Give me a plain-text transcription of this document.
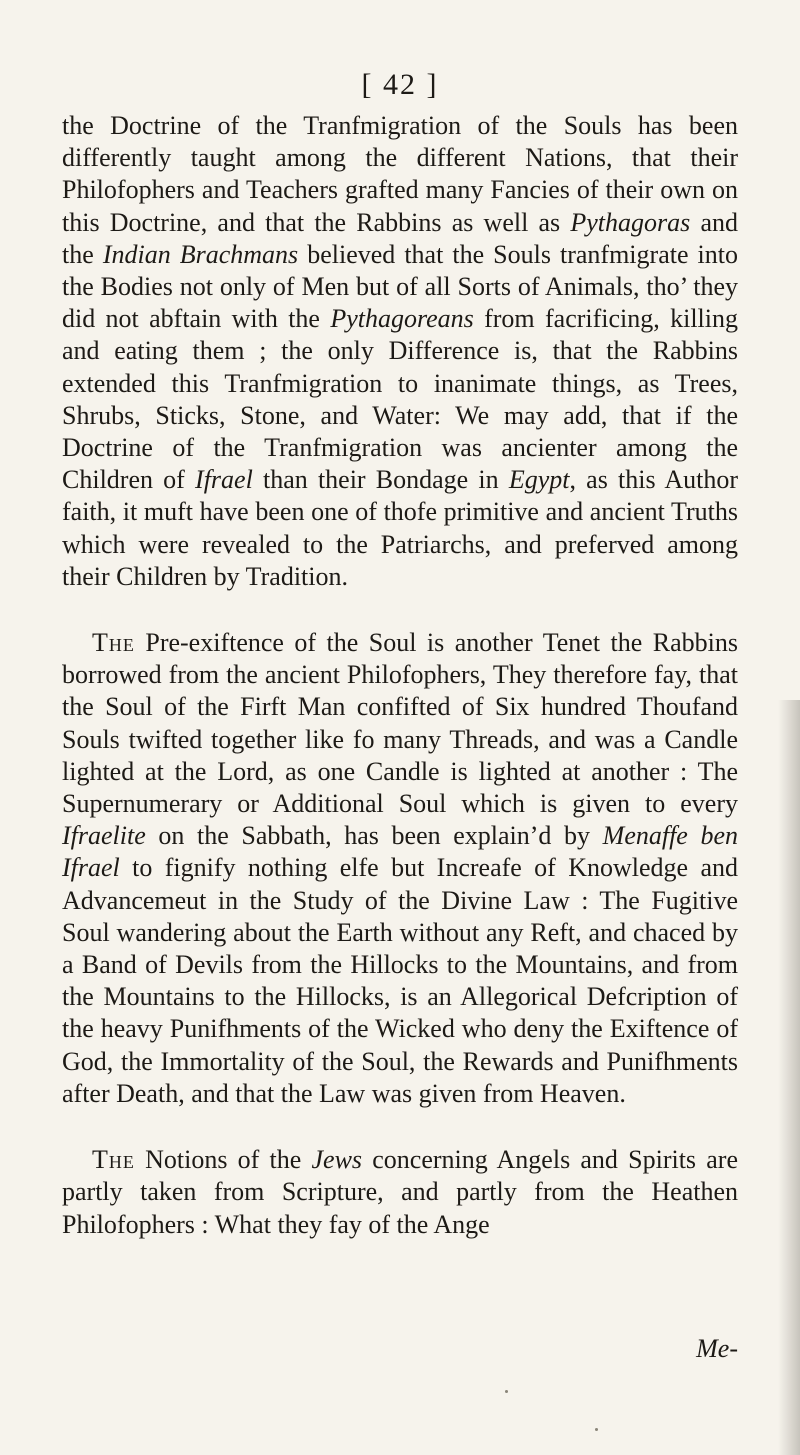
[ 42 ]

the Doctrine of the Tranfmigration of the Souls has been differently taught among the different Nations, that their Philofophers and Teachers grafted many Fancies of their own on this Doctrine, and that the Rabbins as well as Pythagoras and the Indian Brachmans believed that the Souls tranfmigrate into the Bodies not only of Men but of all Sorts of Animals, tho’ they did not abftain with the Pythagoreans from facrificing, killing and eating them ; the only Difference is, that the Rabbins extended this Tranfmigration to inanimate things, as Trees, Shrubs, Sticks, Stone, and Water: We may add, that if the Doctrine of the Tranfmigration was ancienter among the Children of Ifrael than their Bondage in Egypt, as this Author faith, it muft have been one of thofe primitive and ancient Truths which were revealed to the Patriarchs, and preferved among their Children by Tradition.

The Pre-exiftence of the Soul is another Tenet the Rabbins borrowed from the ancient Philofophers, They therefore fay, that the Soul of the Firft Man confifted of Six hundred Thoufand Souls twifted together like fo many Threads, and was a Candle lighted at the Lord, as one Candle is lighted at another : The Supernumerary or Additional Soul which is given to every Ifraelite on the Sabbath, has been explain’d by Menaffe ben Ifrael to fignify nothing elfe but Increafe of Knowledge and Advancemeut in the Study of the Divine Law : The Fugitive Soul wandering about the Earth without any Reft, and chaced by a Band of Devils from the Hillocks to the Mountains, and from the Mountains to the Hillocks, is an Allegorical Defcription of the heavy Punifhments of the Wicked who deny the Exiftence of God, the Immortality of the Soul, the Rewards and Punifhments after Death, and that the Law was given from Heaven.

The Notions of the Jews concerning Angels and Spirits are partly taken from Scripture, and partly from the Heathen Philofophers : What they fay of the Ange

Me-
